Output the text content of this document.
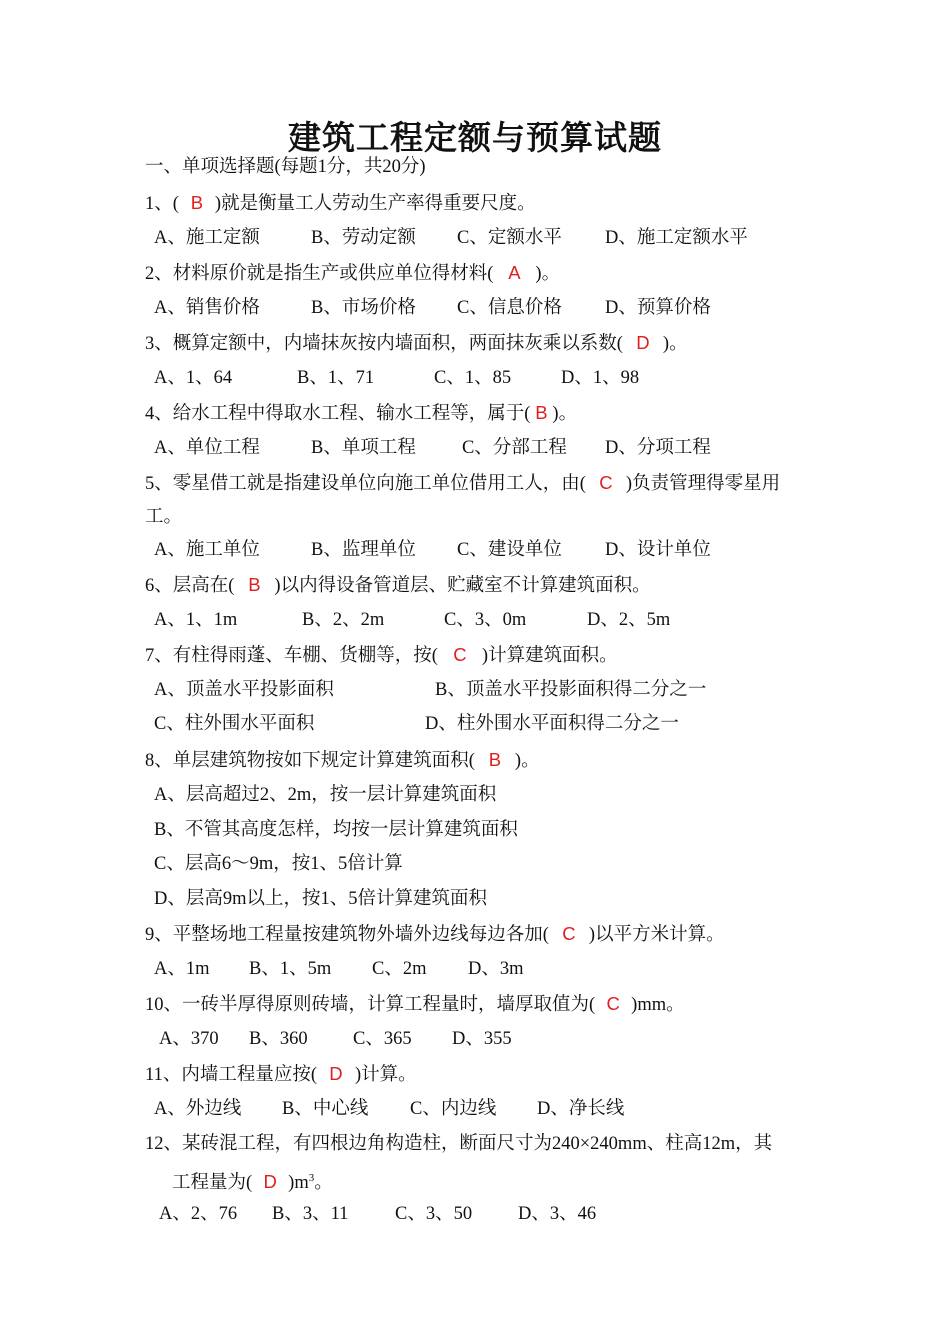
建筑工程定额与预算试题
一、单项选择题(每题1分，共20分)
1、( B )就是衡量工人劳动生产率得重要尺度。
A、施工定额	B、劳动定额 C、定额水平 D、施工定额水平
2、材料原价就是指生产或供应单位得材料( A )。
A、销售价格	B、市场价格 C、信息价格 D、预算价格
3、概算定额中，内墙抹灰按内墙面积，两面抹灰乘以系数( D )。
A、1、64	B、1、71	C、1、85	D、1、98
4、给水工程中得取水工程、输水工程等，属于( B )。
A、单位工程	B、单项工程 C、分部工程 D、分项工程
5、零星借工就是指建设单位向施工单位借用工人，由( C )负责管理得零星用
工。
A、施工单位	B、监理单位 C、建设单位 D、设计单位
6、层高在( B )以内得设备管道层、贮藏室不计算建筑面积。
A、1、1m	B、2、2m	C、3、0m	D、2、5m
7、有柱得雨蓬、车棚、货棚等，按( C )计算建筑面积。
A、顶盖水平投影面积	B、顶盖水平投影面积得二分之一
C、柱外围水平面积	D、柱外围水平面积得二分之一
8、单层建筑物按如下规定计算建筑面积( B )。
A、层高超过2、2m，按一层计算建筑面积
B、不管其高度怎样，均按一层计算建筑面积
C、层高6～9m，按1、5倍计算
D、层高9m以上，按1、5倍计算建筑面积
9、平整场地工程量按建筑物外墙外边线每边各加( C )以平方米计算。
A、1m B、1、5m C、2m D、3m
10、一砖半厚得原则砖墙，计算工程量时，墙厚取值为( C )mm。
A、370 B、360 C、365 D、355
11、内墙工程量应按( D )计算。
A、外边线 B、中心线 C、内边线 D、净长线
12、某砖混工程，有四根边角构造柱，断面尺寸为240×240mm、柱高12m，其
工程量为( D )$m^3$。
A、2、76 B、3、11	C、3、50 D、3、46
